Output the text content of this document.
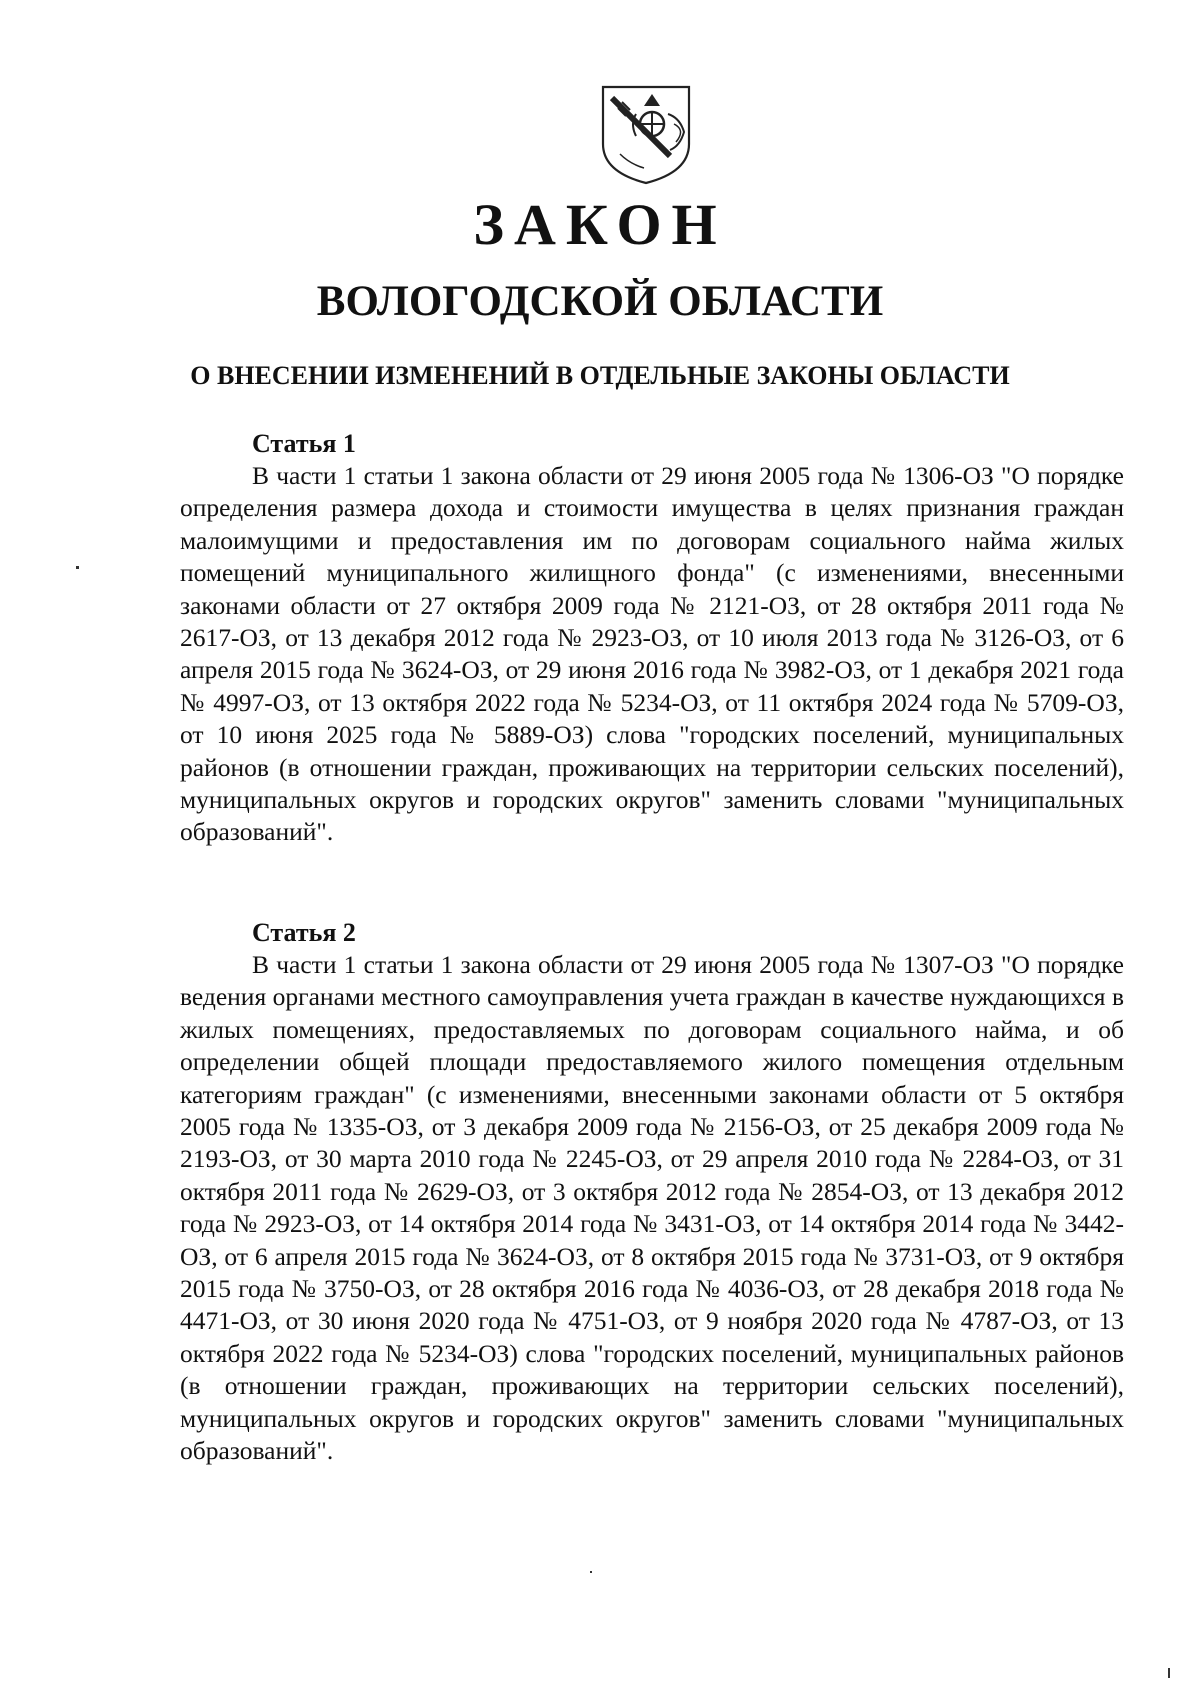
ЗАКОН
ВОЛОГОДСКОЙ ОБЛАСТИ
О ВНЕСЕНИИ ИЗМЕНЕНИЙ В ОТДЕЛЬНЫЕ ЗАКОНЫ ОБЛАСТИ
Статья 1

В части 1 статьи 1 закона области от 29 июня 2005 года № 1306-ОЗ "О порядке определения размера дохода и стоимости имущества в целях признания граждан малоимущими и предоставления им по договорам социального найма жилых помещений муниципального жилищного фонда" (с изменениями, внесенными законами области от 27 октября 2009 года № 2121-ОЗ, от 28 октября 2011 года № 2617-ОЗ, от 13 декабря 2012 года № 2923-ОЗ, от 10 июля 2013 года № 3126-ОЗ, от 6 апреля 2015 года № 3624-ОЗ, от 29 июня 2016 года № 3982-ОЗ, от 1 декабря 2021 года № 4997-ОЗ, от 13 октября 2022 года № 5234-ОЗ, от 11 октября 2024 года № 5709-ОЗ, от 10 июня 2025 года № 5889-ОЗ) слова "городских поселений, муниципальных районов (в отношении граждан, проживающих на территории сельских поселений), муниципальных округов и городских округов" заменить словами "муниципальных образований".

Статья 2

В части 1 статьи 1 закона области от 29 июня 2005 года № 1307-ОЗ "О порядке ведения органами местного самоуправления учета граждан в качестве нуждающихся в жилых помещениях, предоставляемых по договорам социального найма, и об определении общей площади предоставляемого жилого помещения отдельным категориям граждан" (с изменениями, внесенными законами области от 5 октября 2005 года № 1335-ОЗ, от 3 декабря 2009 года № 2156-ОЗ, от 25 декабря 2009 года № 2193-ОЗ, от 30 марта 2010 года № 2245-ОЗ, от 29 апреля 2010 года № 2284-ОЗ, от 31 октября 2011 года № 2629-ОЗ, от 3 октября 2012 года № 2854-ОЗ, от 13 декабря 2012 года № 2923-ОЗ, от 14 октября 2014 года № 3431-ОЗ, от 14 октября 2014 года № 3442-ОЗ, от 6 апреля 2015 года № 3624-ОЗ, от 8 октября 2015 года № 3731-ОЗ, от 9 октября 2015 года № 3750-ОЗ, от 28 октября 2016 года № 4036-ОЗ, от 28 декабря 2018 года № 4471-ОЗ, от 30 июня 2020 года № 4751-ОЗ, от 9 ноября 2020 года № 4787-ОЗ, от 13 октября 2022 года № 5234-ОЗ) слова "городских поселений, муниципальных районов (в отношении граждан, проживающих на территории сельских поселений), муниципальных округов и городских округов" заменить словами "муниципальных образований".
